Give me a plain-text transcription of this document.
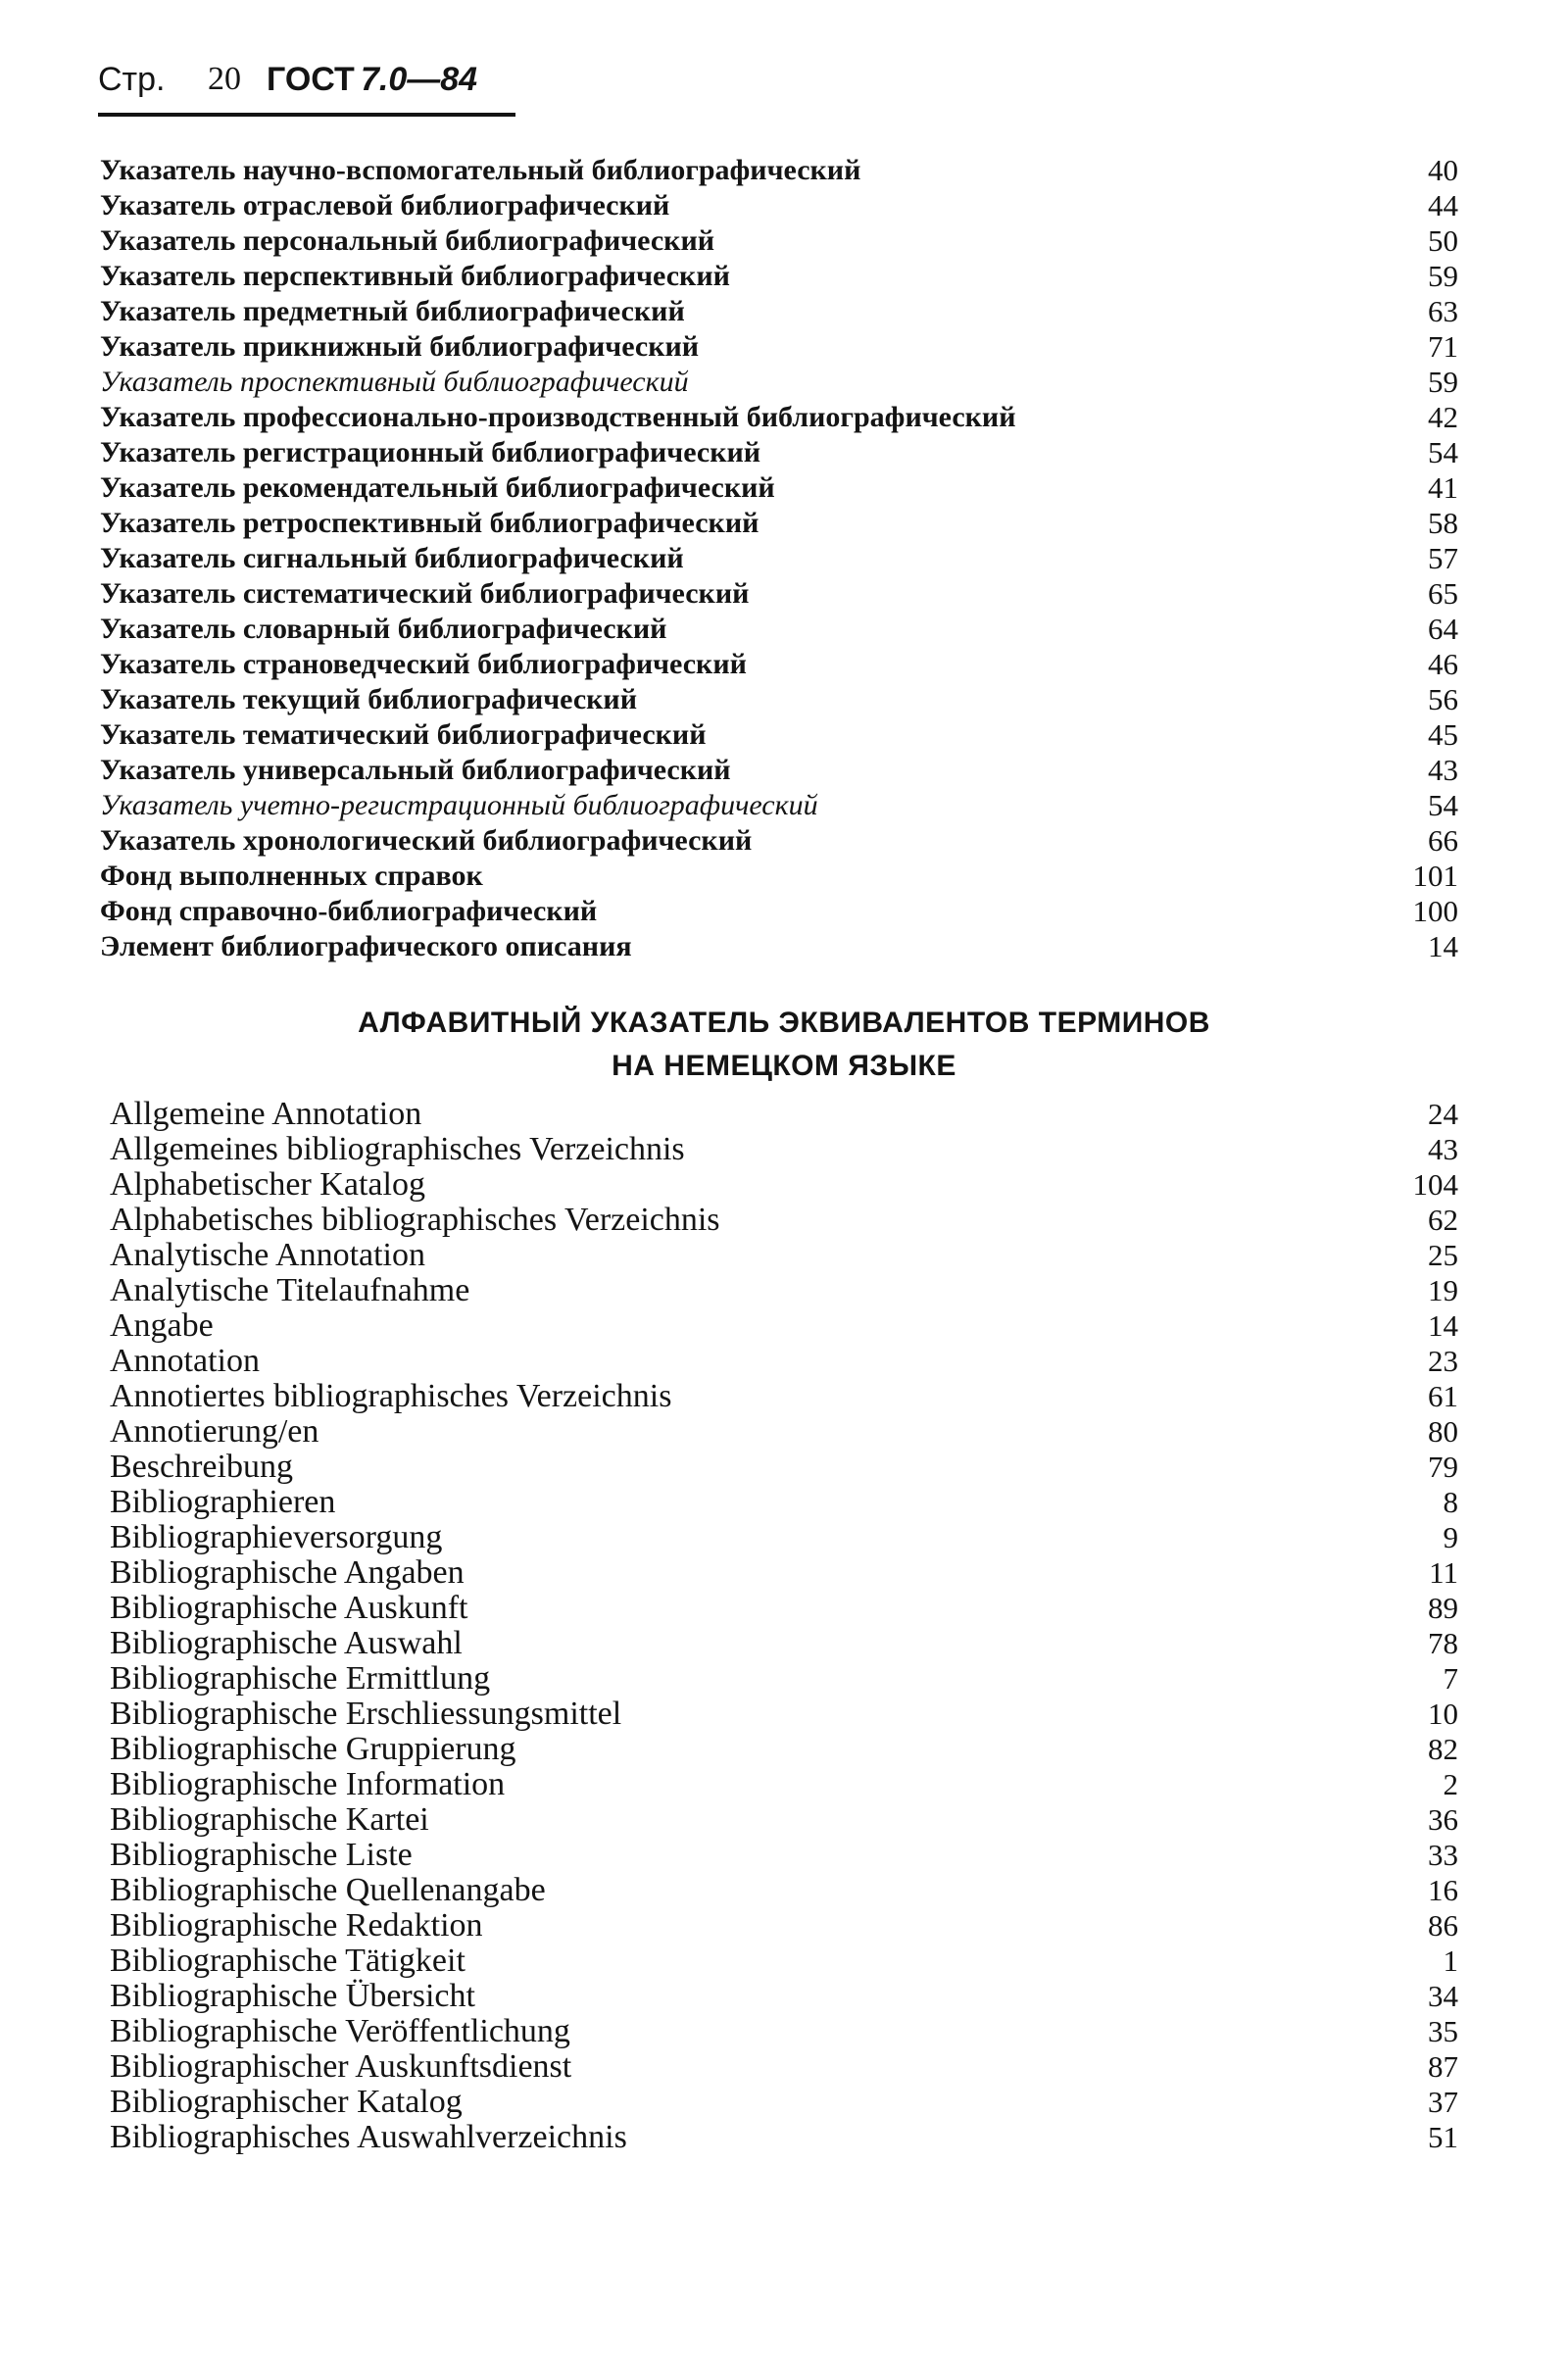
Стр. 20 ГОСТ 7.0—84
Указатель научно-вспомогательный библиографический	40
Указатель отраслевой библиографический	44
Указатель персональный библиографический	50
Указатель перспективный библиографический	59
Указатель предметный библиографический	63
Указатель прикнижный библиографический	71
Указатель проспективный библиографический	59
Указатель профессионально-производственный библиографический	42
Указатель регистрационный библиографический	54
Указатель рекомендательный библиографический	41
Указатель ретроспективный библиографический	58
Указатель сигнальный библиографический	57
Указатель систематический библиографический	65
Указатель словарный библиографический	64
Указатель страноведческий библиографический	46
Указатель текущий библиографический	56
Указатель тематический библиографический	45
Указатель универсальный библиографический	43
Указатель учетно-регистрационный библиографический	54
Указатель хронологический библиографический	66
Фонд выполненных справок	101
Фонд справочно-библиографический	100
Элемент библиографического описания	14
АЛФАВИТНЫЙ УКАЗАТЕЛЬ ЭКВИВАЛЕНТОВ ТЕРМИНОВ
НА НЕМЕЦКОМ ЯЗЫКЕ
Allgemeine Annotation	24
Allgemeines bibliographisches Verzeichnis	43
Alphabetischer Katalog	104
Alphabetisches bibliographisches Verzeichnis	62
Analytische Annotation	25
Analytische Titelaufnahme	19
Angabe	14
Annotation	23
Annotiertes bibliographisches Verzeichnis	61
Annotierung/en	80
Beschreibung	79
Bibliographieren	8
Bibliographieversorgung	9
Bibliographische Angaben	11
Bibliographische Auskunft	89
Bibliographische Auswahl	78
Bibliographische Ermittlung	7
Bibliographische Erschliessungsmittel	10
Bibliographische Gruppierung	82
Bibliographische Information	2
Bibliographische Kartei	36
Bibliographische Liste	33
Bibliographische Quellenangabe	16
Bibliographische Redaktion	86
Bibliographische Tätigkeit	1
Bibliographische Übersicht	34
Bibliographische Veröffentlichung	35
Bibliographischer Auskunftsdienst	87
Bibliographischer Katalog	37
Bibliographisches Auswahlverzeichnis	51
